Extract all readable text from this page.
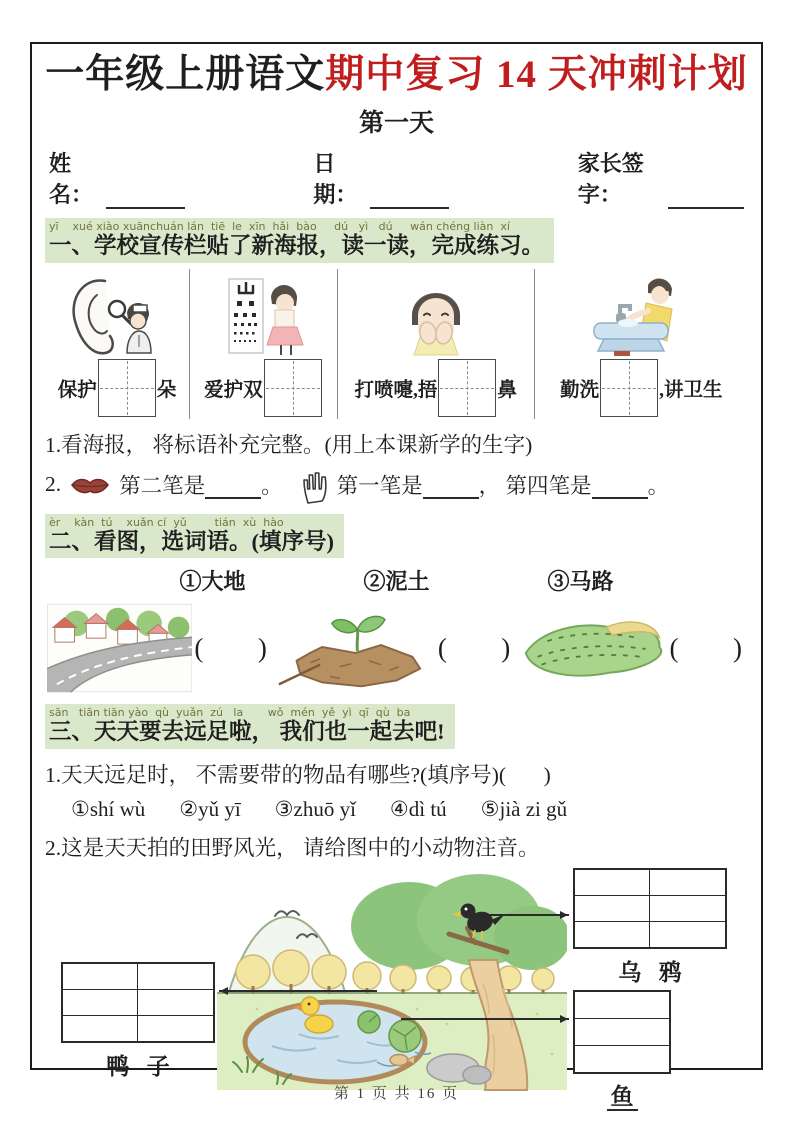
一年级上册语文期中复习 14 天冲刺计划
第一天
姓名：
日期：
家长签字：
yī    xué xiào xuānchuán lán  tiē  le  xīn  hǎi  bào     dú   yì   dú     wán chéng liàn  xí
一、学校宣传栏贴了新海报，读一读，完成练习。
保护	朵 爱护双	打喷嚏,捂	鼻 勤洗	,讲卫生
1.看海报， 将标语补充完整。(用上本课新学的生字)
2.	第二笔是	。	第一笔是	， 第四笔是	。
èr    kàn  tú    xuǎn cí  yǔ        tián  xù  hào
二、看图，选词语。(填序号)
①大地	②泥土	③马路
(      )	(      )	(      )
sān   tiān tiān yào  qù  yuǎn  zú   la       wǒ  mén  yě  yì  qī  qù  ba
三、天天要去远足啦， 我们也一起去吧!
1.天天远足时， 不需要带的物品有哪些?(填序号)(       )
①shí wù ②yǔ yī ③zhuō yǐ ④dì tú ⑤jià zi gǔ
2.这是天天拍的田野风光， 请给图中的小动物注音。
乌   鸦
鸭   子
鱼
第 1 页 共 16 页
